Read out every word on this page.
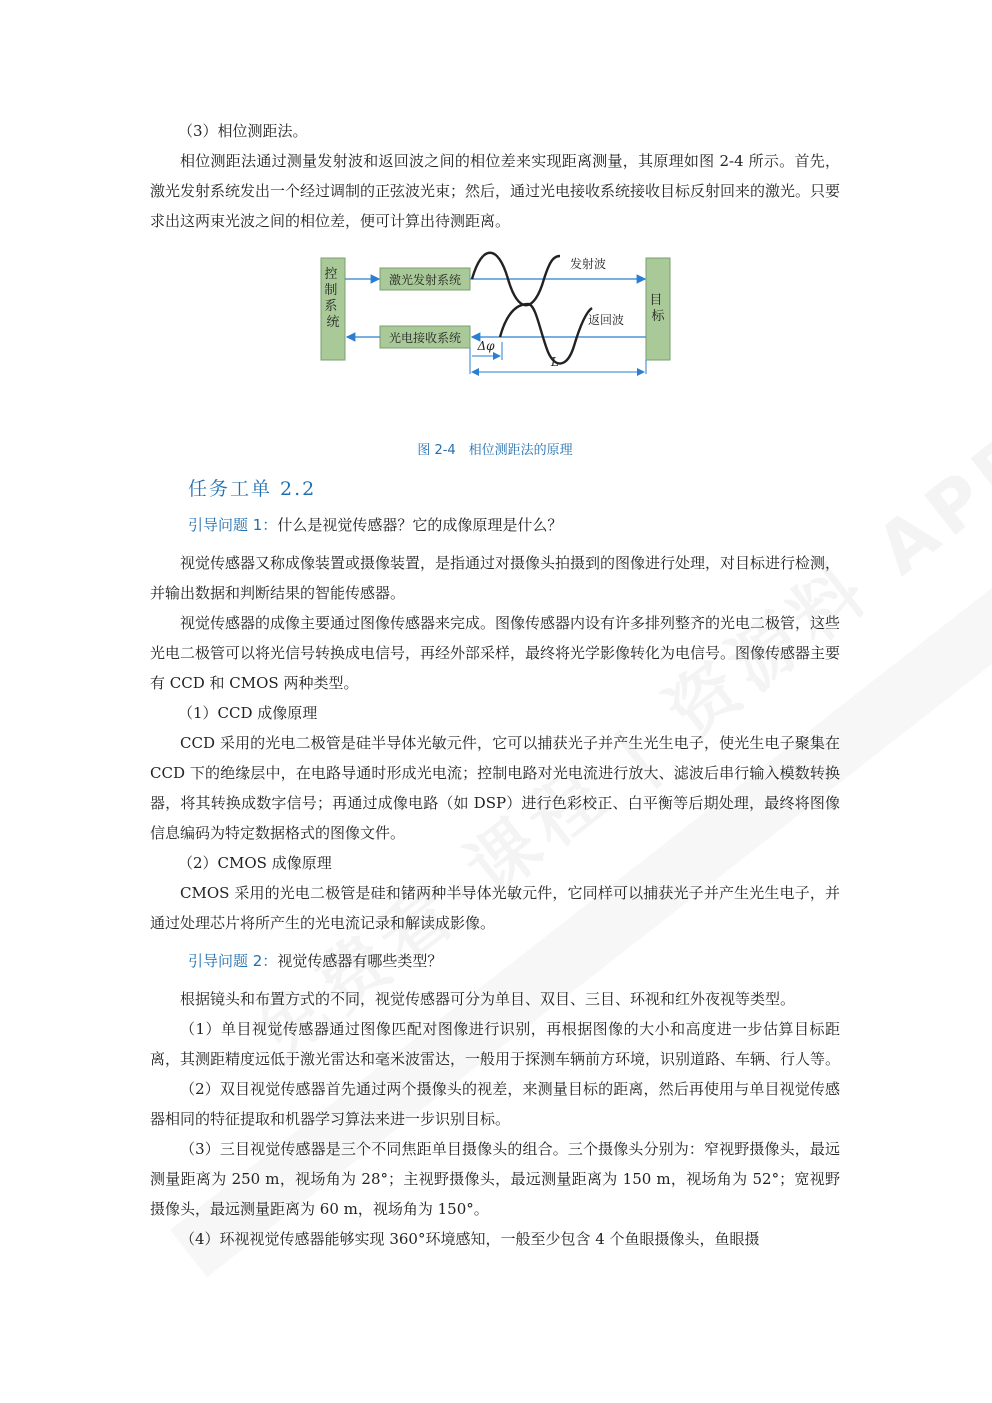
（3）相位测距法。

相位测距法通过测量发射波和返回波之间的相位差来实现距离测量，其原理如图 2-4 所示。首先，激光发射系统发出一个经过调制的正弦波光束；然后，通过光电接收系统接收目标反射回来的激光。只要求出这两束光波之间的相位差，便可计算出待测距离。

控 制 系 统
激光发射系统
光电接收系统
目 标
发射波
返回波
Δφ
L

图 2-4　相位测距法的原理

任务工单 2.2

引导问题 1：什么是视觉传感器？它的成像原理是什么？

视觉传感器又称成像装置或摄像装置，是指通过对摄像头拍摄到的图像进行处理，对目标进行检测，并输出数据和判断结果的智能传感器。

视觉传感器的成像主要通过图像传感器来完成。图像传感器内设有许多排列整齐的光电二极管，这些光电二极管可以将光信号转换成电信号，再经外部采样，最终将光学影像转化为电信号。图像传感器主要有 CCD 和 CMOS 两种类型。

（1）CCD 成像原理

CCD 采用的光电二极管是硅半导体光敏元件，它可以捕获光子并产生光生电子，使光生电子聚集在 CCD 下的绝缘层中，在电路导通时形成光电流；控制电路对光电流进行放大、滤波后串行输入模数转换器，将其转换成数字信号；再通过成像电路（如 DSP）进行色彩校正、白平衡等后期处理，最终将图像信息编码为特定数据格式的图像文件。

（2）CMOS 成像原理

CMOS 采用的光电二极管是硅和锗两种半导体光敏元件，它同样可以捕获光子并产生光生电子，并通过处理芯片将所产生的光电流记录和解读成影像。

引导问题 2：视觉传感器有哪些类型？

根据镜头和布置方式的不同，视觉传感器可分为单目、双目、三目、环视和红外夜视等类型。

（1）单目视觉传感器通过图像匹配对图像进行识别，再根据图像的大小和高度进一步估算目标距离，其测距精度远低于激光雷达和毫米波雷达，一般用于探测车辆前方环境，识别道路、车辆、行人等。

（2）双目视觉传感器首先通过两个摄像头的视差，来测量目标的距离，然后再使用与单目视觉传感器相同的特征提取和机器学习算法来进一步识别目标。

（3）三目视觉传感器是三个不同焦距单目摄像头的组合。三个摄像头分别为：窄视野摄像头，最远测量距离为 250 m，视场角为 28°；主视野摄像头，最远测量距离为 150 m，视场角为 52°；宽视野摄像头，最远测量距离为 60 m，视场角为 150°。

（4）环视视觉传感器能够实现 360°环境感知，一般至少包含 4 个鱼眼摄像头，鱼眼摄
